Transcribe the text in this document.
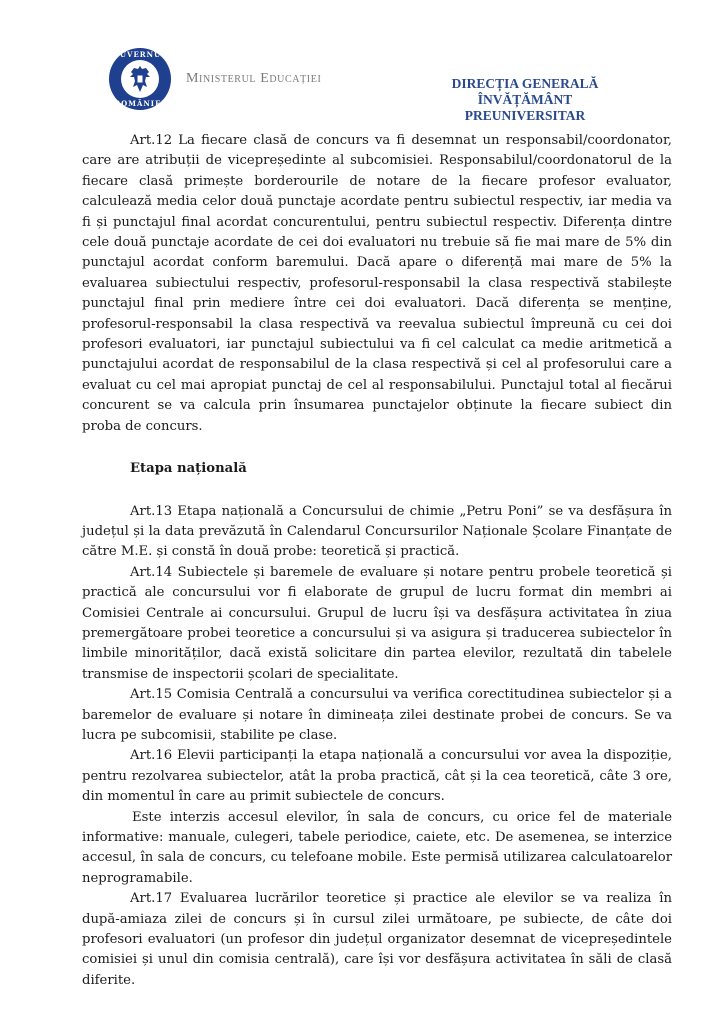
GUVERNUL
ROMÂNIEI
Ministerul Educației	DIRECȚIA GENERALĂ ÎNVĂȚĂMÂNT
PREUNIVERSITAR

Art.12 La fiecare clasă de concurs va fi desemnat un responsabil/coordonator, care are atribuții de vicepreședinte al subcomisiei. Responsabilul/coordonatorul de la fiecare clasă primește borderourile de notare de la fiecare profesor evaluator, calculează media celor două punctaje acordate pentru subiectul respectiv, iar media va fi și punctajul final acordat concurentului, pentru subiectul respectiv. Diferența dintre cele două punctaje acordate de cei doi evaluatori nu trebuie să fie mai mare de 5% din punctajul acordat conform baremului. Dacă apare o diferență mai mare de 5% la evaluarea subiectului respectiv, profesorul-responsabil la clasa respectivă stabilește punctajul final prin mediere între cei doi evaluatori. Dacă diferența se menține, profesorul-responsabil la clasa respectivă va reevalua subiectul împreună cu cei doi profesori evaluatori, iar punctajul subiectului va fi cel calculat ca medie aritmetică a punctajului acordat de responsabilul de la clasa respectivă și cel al profesorului care a evaluat cu cel mai apropiat punctaj de cel al responsabilului. Punctajul total al fiecărui concurent se va calcula prin însumarea punctajelor obținute la fiecare subiect din proba de concurs.

Etapa națională

Art.13 Etapa națională a Concursului de chimie „Petru Poni” se va desfășura în județul și la data prevăzută în Calendarul Concursurilor Naționale Școlare Finanțate de către M.E. și constă în două probe: teoretică și practică.

Art.14 Subiectele și baremele de evaluare și notare pentru probele teoretică și practică ale concursului vor fi elaborate de grupul de lucru format din membri ai Comisiei Centrale ai concursului. Grupul de lucru își va desfășura activitatea în ziua premergătoare probei teoretice a concursului și va asigura și traducerea subiectelor în limbile minorităților, dacă există solicitare din partea elevilor, rezultată din tabelele transmise de inspectorii școlari de specialitate.

Art.15 Comisia Centrală a concursului va verifica corectitudinea subiectelor și a baremelor de evaluare și notare în dimineața zilei destinate probei de concurs. Se va lucra pe subcomisii, stabilite pe clase.

Art.16 Elevii participanți la etapa națională a concursului vor avea la dispoziție, pentru rezolvarea subiectelor, atât la proba practică, cât și la cea teoretică, câte 3 ore, din momentul în care au primit subiectele de concurs.

Este interzis accesul elevilor, în sala de concurs, cu orice fel de materiale informative: manuale, culegeri, tabele periodice, caiete, etc. De asemenea, se interzice accesul, în sala de concurs, cu telefoane mobile. Este permisă utilizarea calculatoarelor neprogramabile.

Art.17 Evaluarea lucrărilor teoretice și practice ale elevilor se va realiza în după-amiaza zilei de concurs și în cursul zilei următoare, pe subiecte, de câte doi profesori evaluatori (un profesor din județul organizator desemnat de vicepreședintele comisiei și unul din comisia centrală), care își vor desfășura activitatea în săli de clasă diferite.
